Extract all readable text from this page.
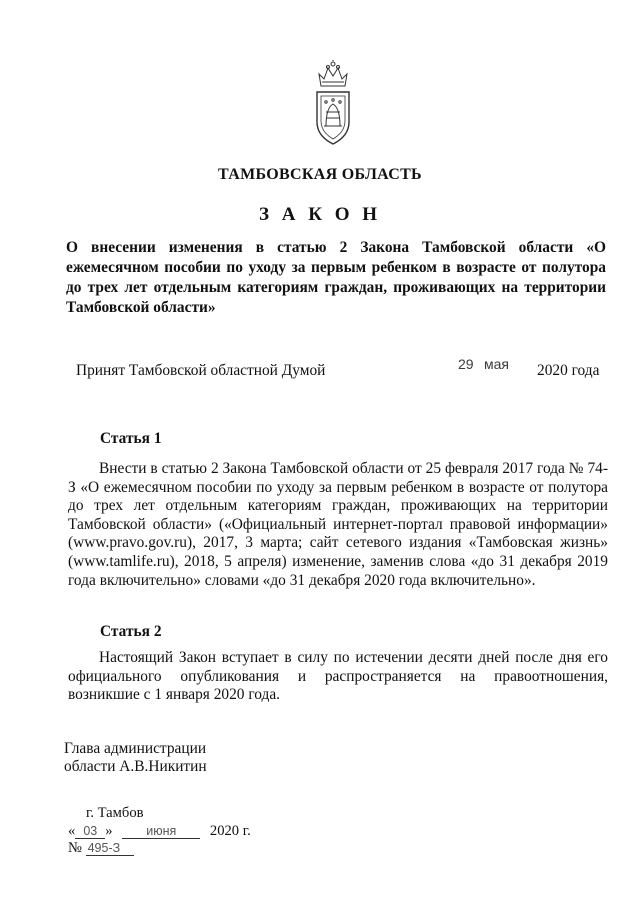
ТАМБОВСКАЯ ОБЛАСТЬ
З А К О Н
О внесении изменения в статью 2 Закона Тамбовской области «О ежемесячном пособии по уходу за первым ребенком в возрасте от полутора до трех лет отдельным категориям граждан, проживающих на территории Тамбовской области»
Принят Тамбовской областной Думой	29 мая 2020 года
Статья 1
Внести в статью 2 Закона Тамбовской области от 25 февраля 2017 года № 74-З «О ежемесячном пособии по уходу за первым ребенком в возрасте от полутора до трех лет отдельным категориям граждан, проживающих на территории Тамбовской области» («Официальный интернет-портал правовой информации» (www.pravo.gov.ru), 2017, 3 марта; сайт сетевого издания «Тамбовская жизнь» (www.tamlife.ru), 2018, 5 апреля) изменение, заменив слова «до 31 декабря 2019 года включительно» словами «до 31 декабря 2020 года включительно».
Статья 2
Настоящий Закон вступает в силу по истечении десяти дней после дня его официального опубликования и распространяется на правоотношения, возникшие с 1 января 2020 года.
Глава администрации
области А.В.Никитин
г. Тамбов
« 03 »	июня 2020 г.
№ 495-З
